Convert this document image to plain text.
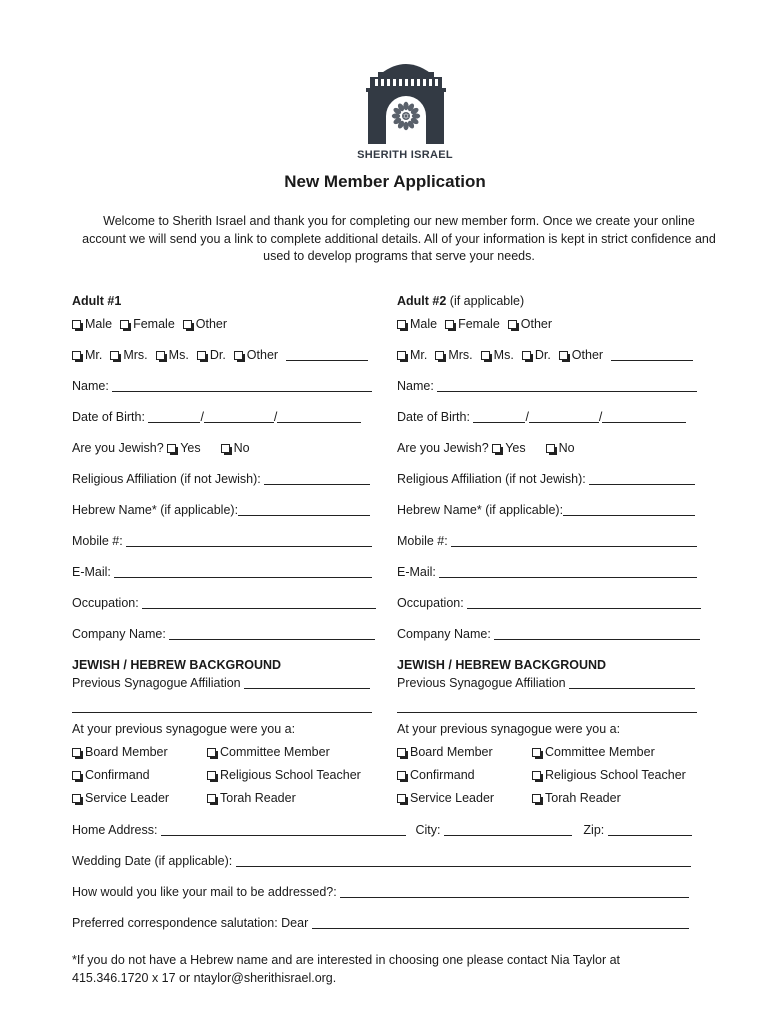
SHERITH ISRAEL
New Member Application
Welcome to Sherith Israel and thank you for completing our new member form. Once we create your online
account we will send you a link to complete additional details. All of your information is kept in strict confidence and
used to develop programs that serve your needs.
Adult #1
Male Female Other
Mr. Mrs. Ms. Dr. Other
Name:
Date of Birth:	/	/
Are you Jewish? Yes	No
Religious Affiliation (if not Jewish):
Hebrew Name* (if applicable):
Mobile #:
E-Mail:
Occupation:
Company Name:
JEWISH / HEBREW BACKGROUND
Previous Synagogue Affiliation
At your previous synagogue were you a:
Board Member	Committee Member
Confirmand	Religious School Teacher
Service Leader	Torah Reader
Adult #2 (if applicable)
Male Female Other
Mr. Mrs. Ms. Dr. Other
Name:
Date of Birth:	/	/
Are you Jewish? Yes	No
Religious Affiliation (if not Jewish):
Hebrew Name* (if applicable):
Mobile #:
E-Mail:
Occupation:
Company Name:
JEWISH / HEBREW BACKGROUND
Previous Synagogue Affiliation
At your previous synagogue were you a:
Board Member	Committee Member
Confirmand	Religious School Teacher
Service Leader	Torah Reader
Home Address:	City:	Zip:
Wedding Date (if applicable):
How would you like your mail to be addressed?:
Preferred correspondence salutation: Dear
*If you do not have a Hebrew name and are interested in choosing one please contact Nia Taylor at
415.346.1720 x 17 or ntaylor@sherithisrael.org.
